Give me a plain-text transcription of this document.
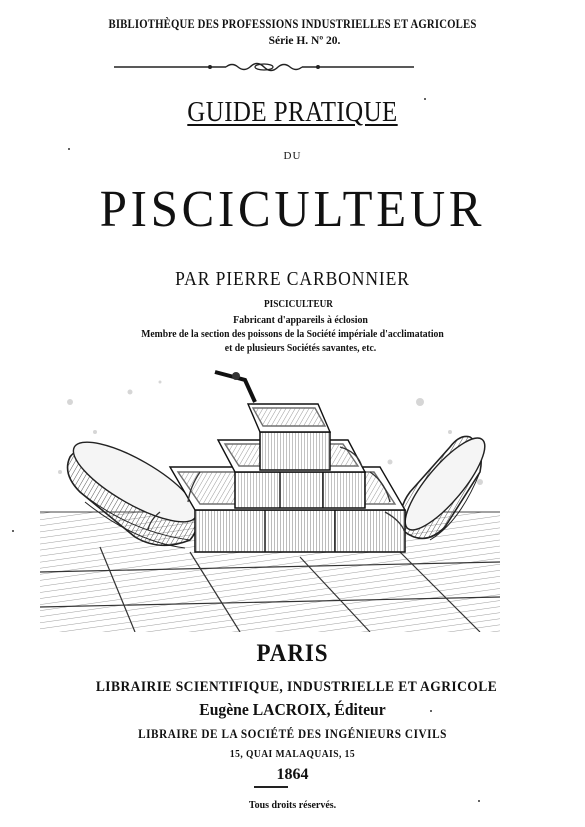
BIBLIOTHÈQUE DES PROFESSIONS INDUSTRIELLES ET AGRICOLES
Série H. Nº 20.
GUIDE PRATIQUE
DU
PISCICULTEUR
PAR PIERRE CARBONNIER
PISCICULTEUR
Fabricant d'appareils à éclosion
Membre de la section des poissons de la Société impériale d'acclimatation
et de plusieurs Sociétés savantes, etc.
PARIS
LIBRAIRIE SCIENTIFIQUE, INDUSTRIELLE ET AGRICOLE
Eugène LACROIX, Éditeur
LIBRAIRE DE LA SOCIÉTÉ DES INGÉNIEURS CIVILS
15, QUAI MALAQUAIS, 15
1864
Tous droits réservés.
